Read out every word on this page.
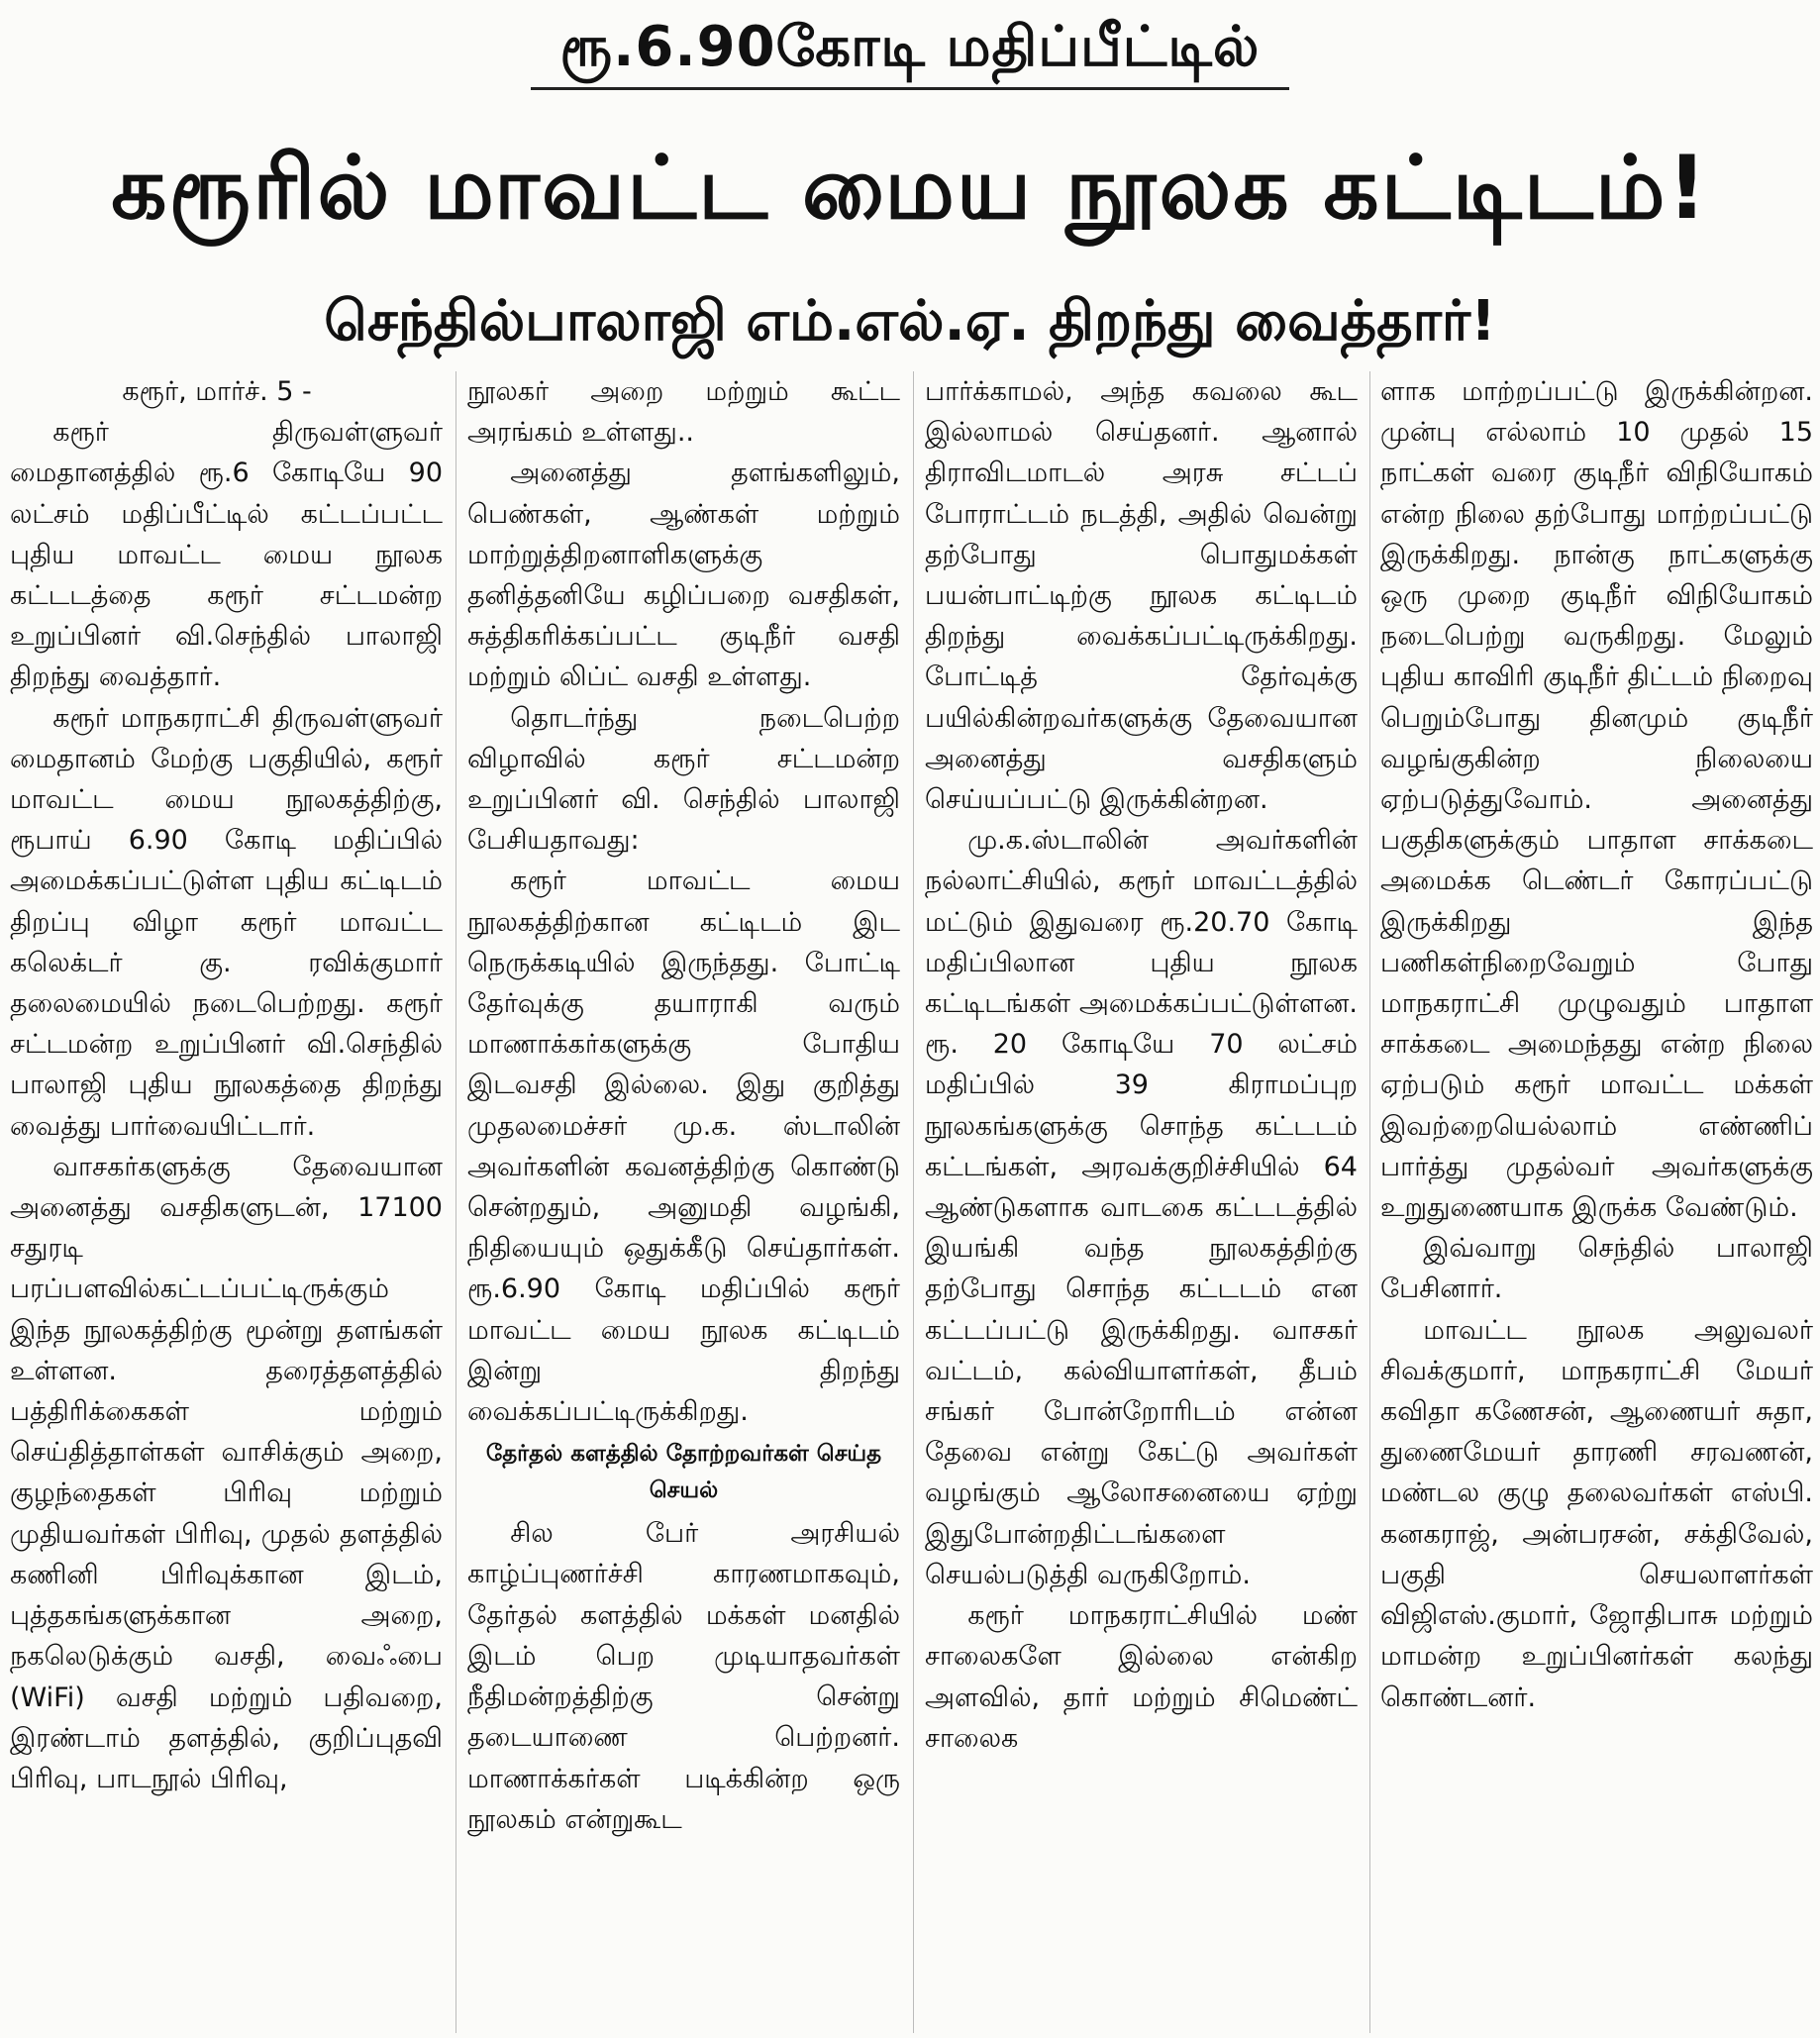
ரூ.6.90கோடி மதிப்பீட்டில்
கரூரில் மாவட்ட மைய நூலக கட்டிடம்!
செந்தில்பாலாஜி எம்.எல்.ஏ. திறந்து வைத்தார்!

கரூர், மார்ச். 5 -

கரூர் திருவள்ளுவர் மைதானத்தில் ரூ.6 கோடியே 90 லட்சம் மதிப்பீட்டில் கட்டப்பட்ட புதிய மாவட்ட மைய நூலக கட்டடத்தை கரூர் சட்டமன்ற உறுப்பினர் வி.செந்தில் பாலாஜி திறந்து வைத்தார்.

கரூர் மாநகராட்சி திருவள்ளுவர் மைதானம் மேற்கு பகுதியில், கரூர் மாவட்ட மைய நூலகத்திற்கு, ரூபாய் 6.90 கோடி மதிப்பில் அமைக்கப்பட்டுள்ள புதிய கட்டிடம் திறப்பு விழா கரூர் மாவட்ட கலெக்டர் கு. ரவிக்குமார் தலைமையில் நடைபெற்றது. கரூர் சட்டமன்ற உறுப்பினர் வி.செந்தில் பாலாஜி புதிய நூலகத்தை திறந்து வைத்து பார்வையிட்டார்.

வாசகர்களுக்கு தேவையான அனைத்து வசதிகளுடன், 17100 சதுரடி பரப்பளவில்கட்டப்பட்டிருக்கும் இந்த நூலகத்திற்கு மூன்று தளங்கள் உள்ளன. தரைத்தளத்தில் பத்திரிக்கைகள் மற்றும் செய்தித்தாள்கள் வாசிக்கும் அறை, குழந்தைகள் பிரிவு மற்றும் முதியவர்கள் பிரிவு, முதல் தளத்தில் கணினி பிரிவுக்கான இடம், புத்தகங்களுக்கான அறை, நகலெடுக்கும் வசதி, வைஃபை (WiFi) வசதி மற்றும் பதிவறை, இரண்டாம் தளத்தில், குறிப்புதவி பிரிவு, பாடநூல் பிரிவு,

நூலகர் அறை மற்றும் கூட்ட அரங்கம் உள்ளது..

அனைத்து தளங்களிலும், பெண்கள், ஆண்கள் மற்றும் மாற்றுத்திறனாளிகளுக்கு தனித்தனியே கழிப்பறை வசதிகள், சுத்திகரிக்கப்பட்ட குடிநீர் வசதி மற்றும் லிப்ட் வசதி உள்ளது.

தொடர்ந்து நடைபெற்ற விழாவில் கரூர் சட்டமன்ற உறுப்பினர் வி. செந்தில் பாலாஜி பேசியதாவது:

கரூர் மாவட்ட மைய நூலகத்திற்கான கட்டிடம் இட நெருக்கடியில் இருந்தது. போட்டி தேர்வுக்கு தயாராகி வரும் மாணாக்கர்களுக்கு போதிய இடவசதி இல்லை. இது குறித்து முதலமைச்சர் மு.க. ஸ்டாலின் அவர்களின் கவனத்திற்கு கொண்டு சென்றதும், அனுமதி வழங்கி, நிதியையும் ஒதுக்கீடு செய்தார்கள். ரூ.6.90 கோடி மதிப்பில் கரூர் மாவட்ட மைய நூலக கட்டிடம் இன்று திறந்து வைக்கப்பட்டிருக்கிறது.

தேர்தல் களத்தில் தோற்றவர்கள் செய்த செயல்

சில பேர் அரசியல் காழ்ப்புணர்ச்சி காரணமாகவும், தேர்தல் களத்தில் மக்கள் மனதில் இடம் பெற முடியாதவர்கள் நீதிமன்றத்திற்கு சென்று தடையாணை பெற்றனர். மாணாக்கர்கள் படிக்கின்ற ஒரு நூலகம் என்றுகூட

பார்க்காமல், அந்த கவலை கூட இல்லாமல் செய்தனர். ஆனால் திராவிடமாடல் அரசு சட்டப் போராட்டம் நடத்தி, அதில் வென்று தற்போது பொதுமக்கள் பயன்பாட்டிற்கு நூலக கட்டிடம் திறந்து வைக்கப்பட்டிருக்கிறது. போட்டித் தேர்வுக்கு பயில்கின்றவர்களுக்கு தேவையான அனைத்து வசதிகளும் செய்யப்பட்டு இருக்கின்றன.

மு.க.ஸ்டாலின் அவர்களின் நல்லாட்சியில், கரூர் மாவட்டத்தில் மட்டும் இதுவரை ரூ.20.70 கோடி மதிப்பிலான புதிய நூலக கட்டிடங்கள் அமைக்கப்பட்டுள்ளன. ரூ. 20 கோடியே 70 லட்சம் மதிப்பில் 39 கிராமப்புற நூலகங்களுக்கு சொந்த கட்டடம் கட்டங்கள், அரவக்குறிச்சியில் 64 ஆண்டுகளாக வாடகை கட்டடத்தில் இயங்கி வந்த நூலகத்திற்கு தற்போது சொந்த கட்டடம் என கட்டப்பட்டு இருக்கிறது. வாசகர் வட்டம், கல்வியாளர்கள், தீபம் சங்கர் போன்றோரிடம் என்ன தேவை என்று கேட்டு அவர்கள் வழங்கும் ஆலோசனையை ஏற்று இதுபோன்றதிட்டங்களை செயல்படுத்தி வருகிறோம்.

கரூர் மாநகராட்சியில் மண் சாலைகளே இல்லை என்கிற அளவில், தார் மற்றும் சிமெண்ட் சாலைக

ளாக மாற்றப்பட்டு இருக்கின்றன. முன்பு எல்லாம் 10 முதல் 15 நாட்கள் வரை குடிநீர் விநியோகம் என்ற நிலை தற்போது மாற்றப்பட்டு இருக்கிறது. நான்கு நாட்களுக்கு ஒரு முறை குடிநீர் விநியோகம் நடைபெற்று வருகிறது. மேலும் புதிய காவிரி குடிநீர் திட்டம் நிறைவு பெறும்போது தினமும் குடிநீர் வழங்குகின்ற நிலையை ஏற்படுத்துவோம். அனைத்து பகுதிகளுக்கும் பாதாள சாக்கடை அமைக்க டெண்டர் கோரப்பட்டு இருக்கிறது இந்த பணிகள்நிறைவேறும் போது மாநகராட்சி முழுவதும் பாதாள சாக்கடை அமைந்தது என்ற நிலை ஏற்படும் கரூர் மாவட்ட மக்கள் இவற்றையெல்லாம் எண்ணிப் பார்த்து முதல்வர் அவர்களுக்கு உறுதுணையாக இருக்க வேண்டும்.

இவ்வாறு செந்தில் பாலாஜி பேசினார்.

மாவட்ட நூலக அலுவலர் சிவக்குமார், மாநகராட்சி மேயர் கவிதா கணேசன், ஆணையர் சுதா, துணைமேயர் தாரணி சரவணன், மண்டல குழு தலைவர்கள் எஸ்பி. கனகராஜ், அன்பரசன், சக்திவேல், பகுதி செயலாளர்கள் விஜிஎஸ்.குமார், ஜோதிபாசு மற்றும் மாமன்ற உறுப்பினர்கள் கலந்து கொண்டனர்.
